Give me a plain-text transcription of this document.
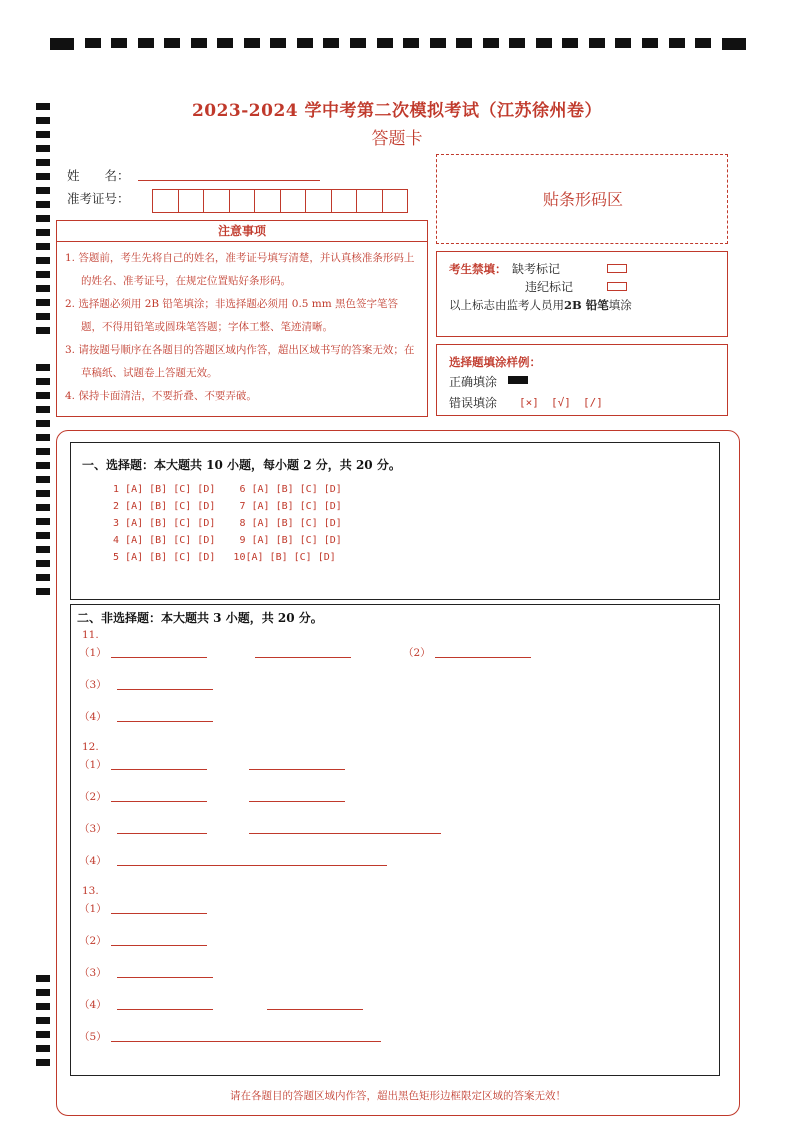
2023-2024 学中考第二次模拟考试（江苏徐州卷）
答题卡
姓　　名：
准考证号：
注意事项
1. 答题前，考生先将自己的姓名，准考证号填写清楚，并认真核准条形码上的姓名、准考证号，在规定位置贴好条形码。
2. 选择题必须用 2B 铅笔填涂；非选择题必须用 0.5 mm 黑色签字笔答题，不得用铅笔或圆珠笔答题；字体工整、笔迹清晰。
3. 请按题号顺序在各题目的答题区域内作答，超出区域书写的答案无效；在草稿纸、试题卷上答题无效。
4. 保持卡面清洁，不要折叠、不要弄破。
贴条形码区
考生禁填： 缺考标记
违纪标记
以上标志由监考人员用2B 铅笔填涂
选择题填涂样例：
正确填涂
错误填涂 [×] [√] [/]
一、选择题：本大题共 10 小题，每小题 2 分，共 20 分。
1 [A] [B] [C] [D]    6 [A] [B] [C] [D]
2 [A] [B] [C] [D]    7 [A] [B] [C] [D]
3 [A] [B] [C] [D]    8 [A] [B] [C] [D]
4 [A] [B] [C] [D]    9 [A] [B] [C] [D]
5 [A] [B] [C] [D]   10[A] [B] [C] [D]
二、非选择题：本大题共 3 小题，共 20 分。
11.
（1）	（2）
（3）
（4）
12.
（1）
（2）
（3）
（4）
13.
（1）
（2）
（3）
（4）
（5）
请在各题目的答题区域内作答，超出黑色矩形边框限定区域的答案无效！
